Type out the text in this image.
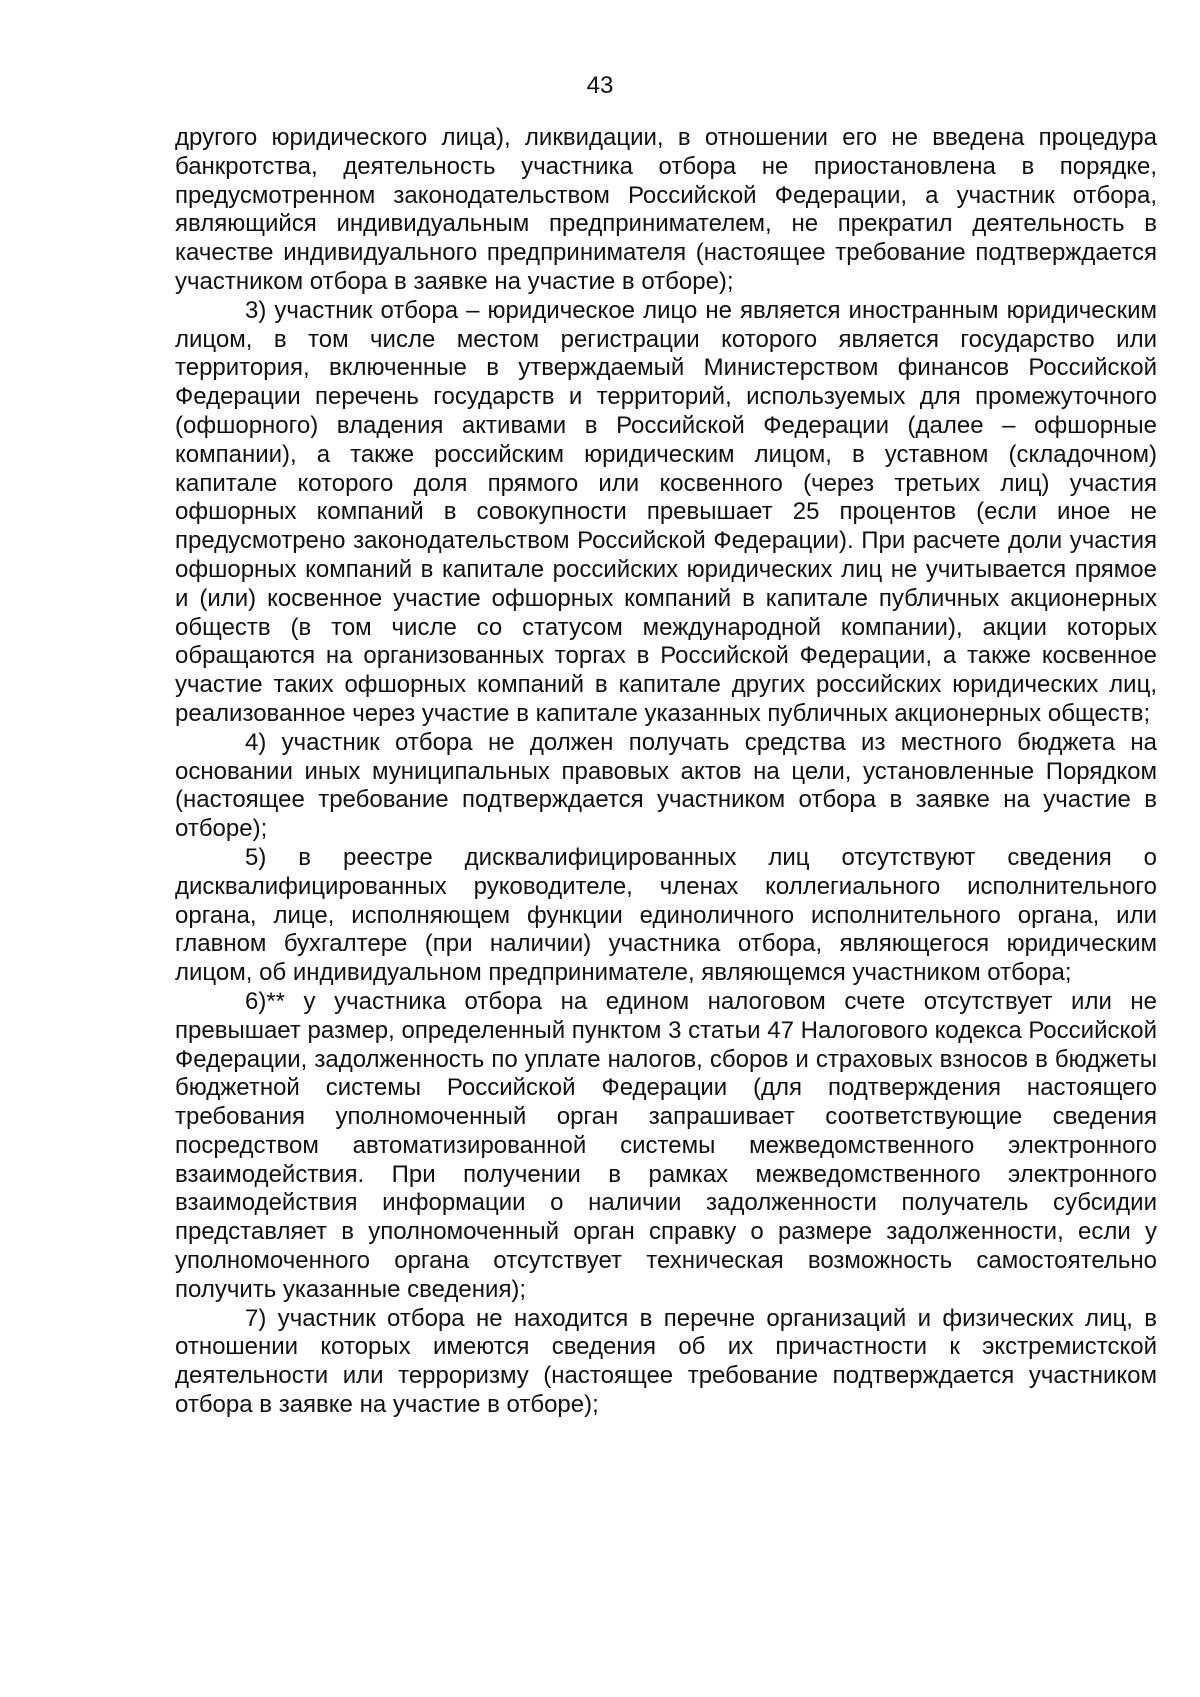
43

другого юридического лица), ликвидации, в отношении его не введена процедура банкротства, деятельность участника отбора не приостановлена в порядке, предусмотренном законодательством Российской Федерации, а участник отбора, являющийся индивидуальным предпринимателем, не прекратил деятельность в качестве индивидуального предпринимателя (настоящее требование подтверждается участником отбора в заявке на участие в отборе);

3) участник отбора – юридическое лицо не является иностранным юридическим лицом, в том числе местом регистрации которого является государство или территория, включенные в утверждаемый Министерством финансов Российской Федерации перечень государств и территорий, используемых для промежуточного (офшорного) владения активами в Российской Федерации (далее – офшорные компании), а также российским юридическим лицом, в уставном (складочном) капитале которого доля прямого или косвенного (через третьих лиц) участия офшорных компаний в совокупности превышает 25 процентов (если иное не предусмотрено законодательством Российской Федерации). При расчете доли участия офшорных компаний в капитале российских юридических лиц не учитывается прямое и (или) косвенное участие офшорных компаний в капитале публичных акционерных обществ (в том числе со статусом международной компании), акции которых обращаются на организованных торгах в Российской Федерации, а также косвенное участие таких офшорных компаний в капитале других российских юридических лиц, реализованное через участие в капитале указанных публичных акционерных обществ;

4) участник отбора не должен получать средства из местного бюджета на основании иных муниципальных правовых актов на цели, установленные Порядком (настоящее требование подтверждается участником отбора в заявке на участие в отборе);

5) в реестре дисквалифицированных лиц отсутствуют сведения о дисквалифицированных руководителе, членах коллегиального исполнительного органа, лице, исполняющем функции единоличного исполнительного органа, или главном бухгалтере (при наличии) участника отбора, являющегося юридическим лицом, об индивидуальном предпринимателе, являющемся участником отбора;

6)** у участника отбора на едином налоговом счете отсутствует или не превышает размер, определенный пунктом 3 статьи 47 Налогового кодекса Российской Федерации, задолженность по уплате налогов, сборов и страховых взносов в бюджеты бюджетной системы Российской Федерации (для подтверждения настоящего требования уполномоченный орган запрашивает соответствующие сведения посредством автоматизированной системы межведомственного электронного взаимодействия. При получении в рамках межведомственного электронного взаимодействия информации о наличии задолженности получатель субсидии представляет в уполномоченный орган справку о размере задолженности, если у уполномоченного органа отсутствует техническая возможность самостоятельно получить указанные сведения);

7) участник отбора не находится в перечне организаций и физических лиц, в отношении которых имеются сведения об их причастности к экстремистской деятельности или терроризму (настоящее требование подтверждается участником отбора в заявке на участие в отборе);
